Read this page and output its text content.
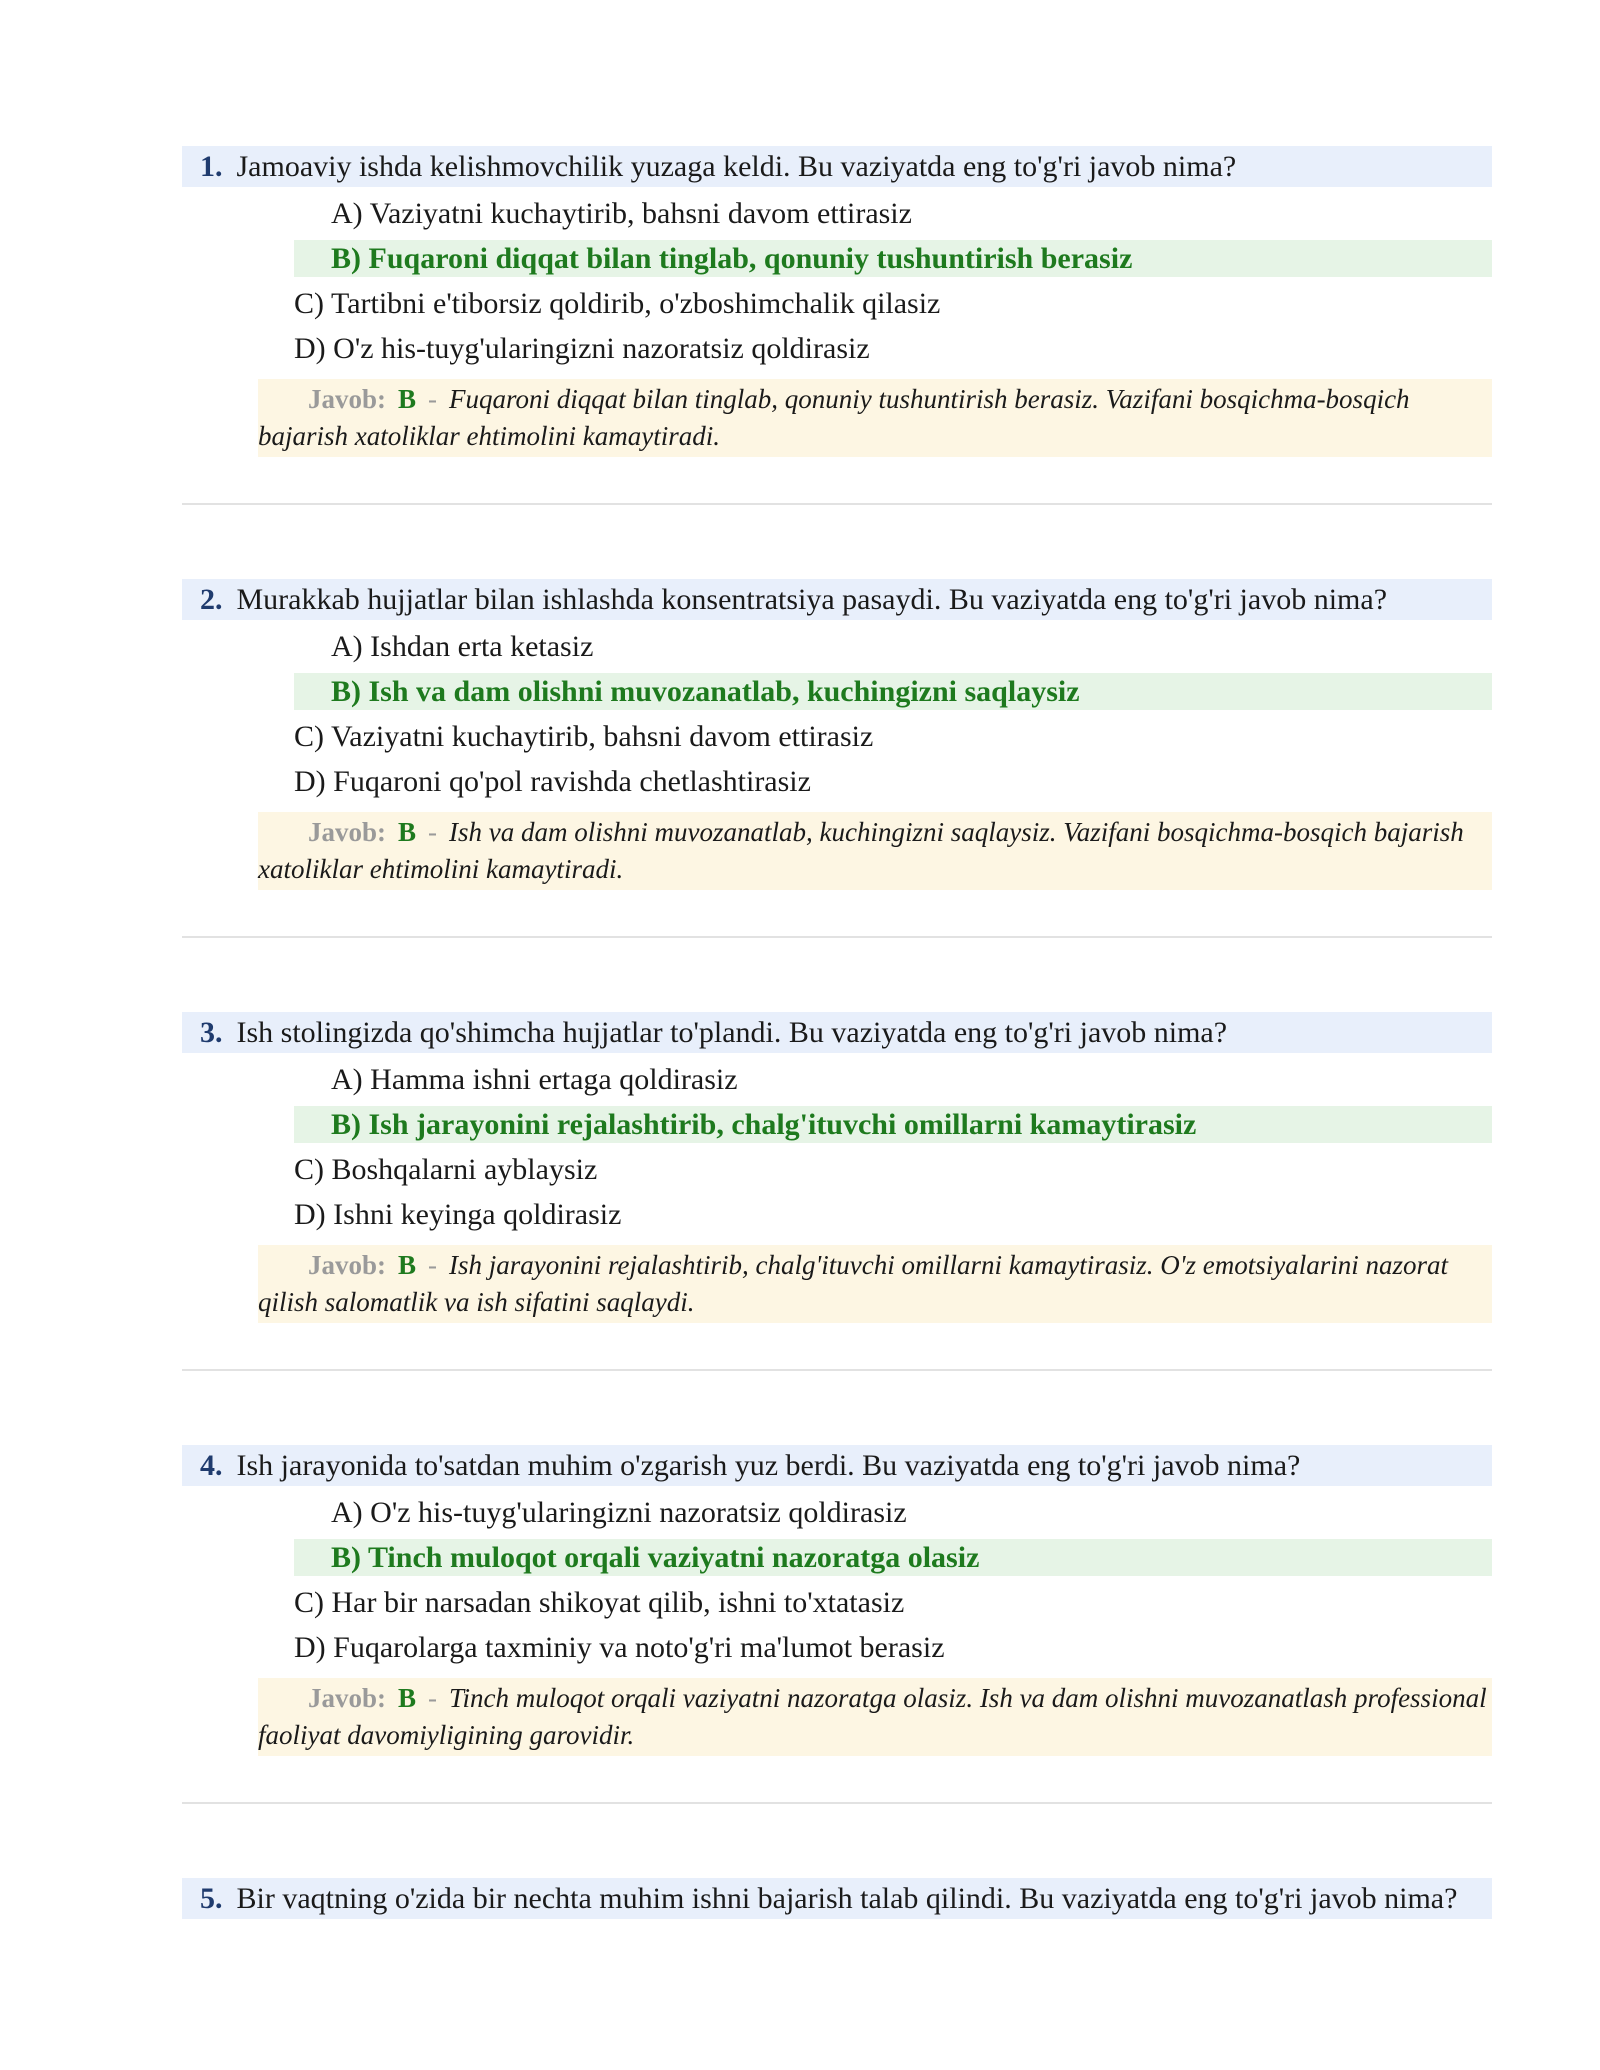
1. Jamoaviy ishda kelishmovchilik yuzaga keldi. Bu vaziyatda eng to'g'ri javob nima?
A) Vaziyatni kuchaytirib, bahsni davom ettirasiz
B) Fuqaroni diqqat bilan tinglab, qonuniy tushuntirish berasiz
C) Tartibni e'tiborsiz qoldirib, o'zboshimchalik qilasiz
D) O'z his-tuyg'ularingizni nazoratsiz qoldirasiz
Javob: B - Fuqaroni diqqat bilan tinglab, qonuniy tushuntirish berasiz. Vazifani bosqichma-bosqich bajarish xatoliklar ehtimolini kamaytiradi.
2. Murakkab hujjatlar bilan ishlashda konsentratsiya pasaydi. Bu vaziyatda eng to'g'ri javob nima?
A) Ishdan erta ketasiz
B) Ish va dam olishni muvozanatlab, kuchingizni saqlaysiz
C) Vaziyatni kuchaytirib, bahsni davom ettirasiz
D) Fuqaroni qo'pol ravishda chetlashtirasiz
Javob: B - Ish va dam olishni muvozanatlab, kuchingizni saqlaysiz. Vazifani bosqichma-bosqich bajarish xatoliklar ehtimolini kamaytiradi.
3. Ish stolingizda qo'shimcha hujjatlar to'plandi. Bu vaziyatda eng to'g'ri javob nima?
A) Hamma ishni ertaga qoldirasiz
B) Ish jarayonini rejalashtirib, chalg'ituvchi omillarni kamaytirasiz
C) Boshqalarni ayblaysiz
D) Ishni keyinga qoldirasiz
Javob: B - Ish jarayonini rejalashtirib, chalg'ituvchi omillarni kamaytirasiz. O'z emotsiyalarini nazorat qilish salomatlik va ish sifatini saqlaydi.
4. Ish jarayonida to'satdan muhim o'zgarish yuz berdi. Bu vaziyatda eng to'g'ri javob nima?
A) O'z his-tuyg'ularingizni nazoratsiz qoldirasiz
B) Tinch muloqot orqali vaziyatni nazoratga olasiz
C) Har bir narsadan shikoyat qilib, ishni to'xtatasiz
D) Fuqarolarga taxminiy va noto'g'ri ma'lumot berasiz
Javob: B - Tinch muloqot orqali vaziyatni nazoratga olasiz. Ish va dam olishni muvozanatlash professional faoliyat davomiyligining garovidir.
5. Bir vaqtning o'zida bir nechta muhim ishni bajarish talab qilindi. Bu vaziyatda eng to'g'ri javob nima?
